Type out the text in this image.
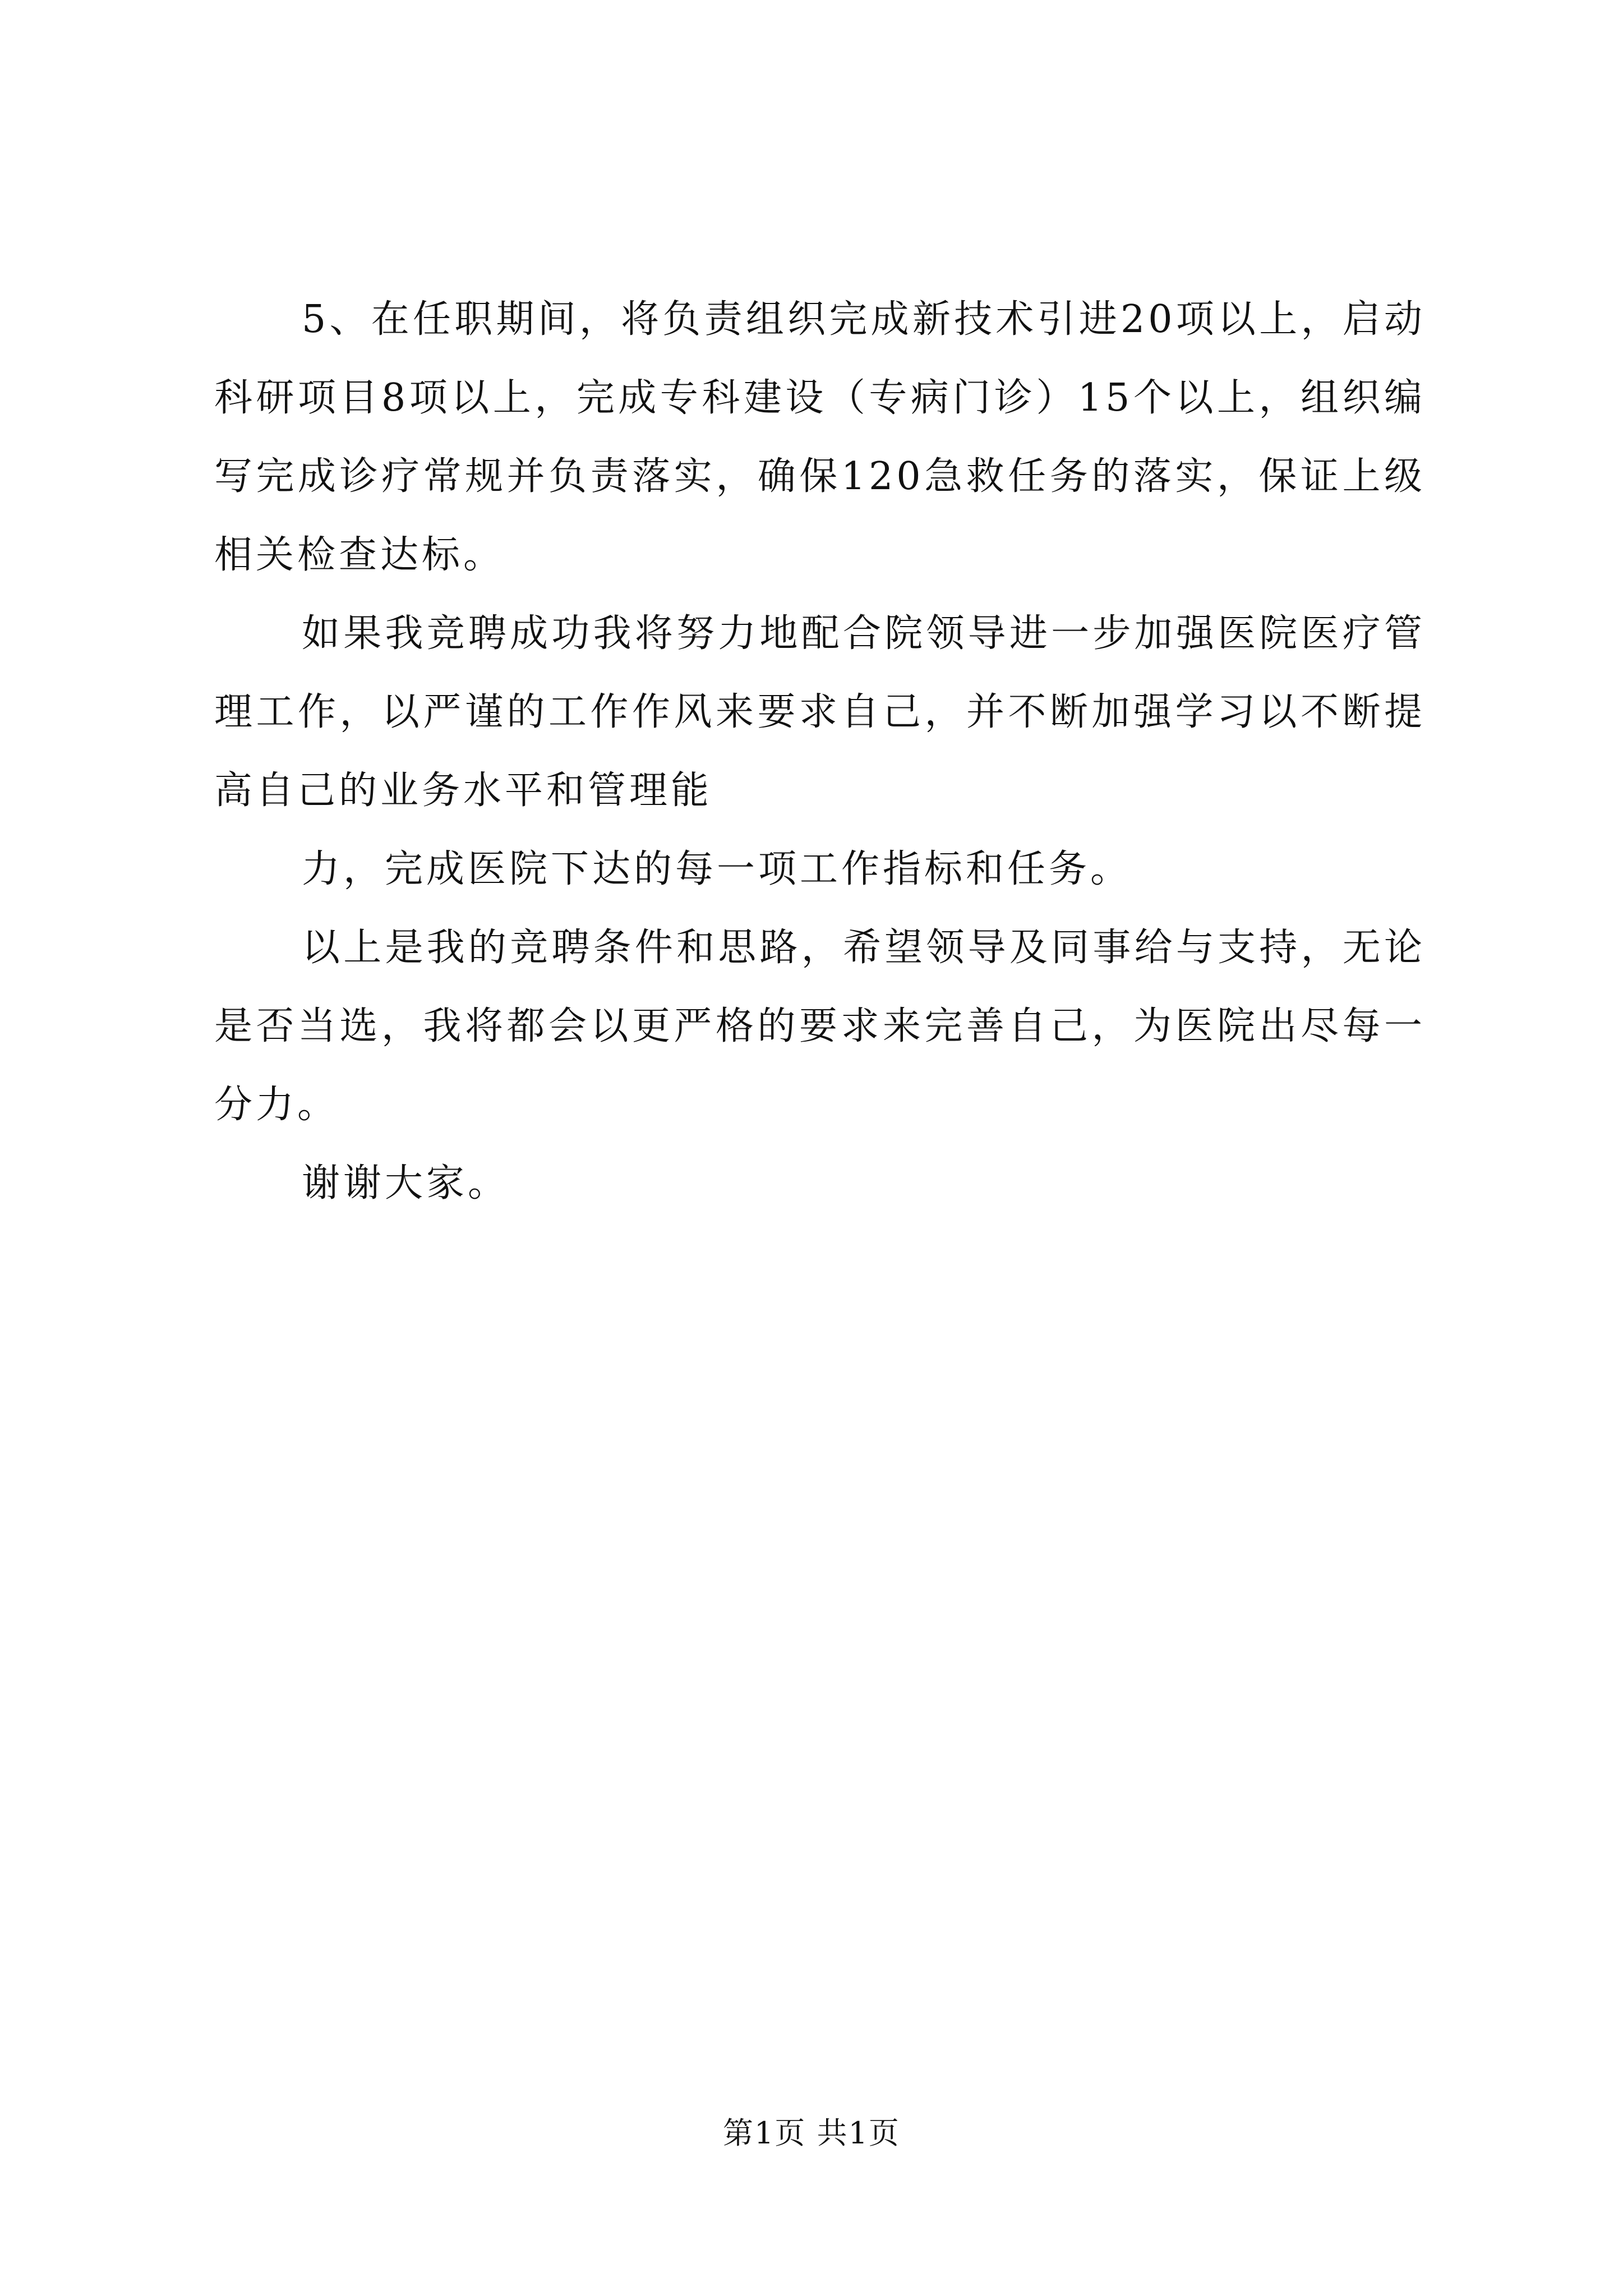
5、在任职期间，将负责组织完成新技术引进20项以上，启动科研项目8项以上，完成专科建设（专病门诊）15个以上，组织编写完成诊疗常规并负责落实，确保120急救任务的落实，保证上级相关检查达标。

如果我竞聘成功我将努力地配合院领导进一步加强医院医疗管理工作，以严谨的工作作风来要求自己，并不断加强学习以不断提高自己的业务水平和管理能

力，完成医院下达的每一项工作指标和任务。

以上是我的竞聘条件和思路，希望领导及同事给与支持，无论是否当选，我将都会以更严格的要求来完善自己，为医院出尽每一分力。

谢谢大家。

第1页 共1页
